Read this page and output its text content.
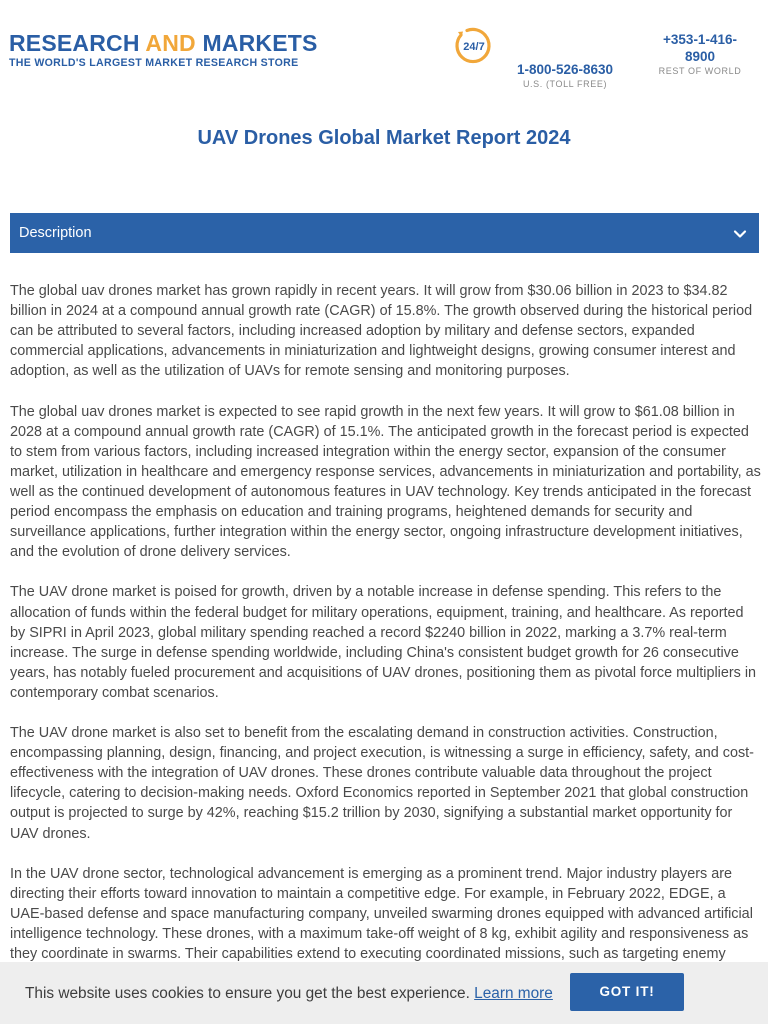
RESEARCH AND MARKETS
THE WORLD'S LARGEST MARKET RESEARCH STORE
24/7
1-800-526-8630
U.S. (TOLL FREE)
+353-1-416-
8900
REST OF WORLD
UAV Drones Global Market Report 2024
Description

The global uav drones market has grown rapidly in recent years. It will grow from $30.06 billion in 2023 to $34.82 billion in 2024 at a compound annual growth rate (CAGR) of 15.8%. The growth observed during the historical period can be attributed to several factors, including increased adoption by military and defense sectors, expanded commercial applications, advancements in miniaturization and lightweight designs, growing consumer interest and adoption, as well as the utilization of UAVs for remote sensing and monitoring purposes.

The global uav drones market is expected to see rapid growth in the next few years. It will grow to $61.08 billion in 2028 at a compound annual growth rate (CAGR) of 15.1%. The anticipated growth in the forecast period is expected to stem from various factors, including increased integration within the energy sector, expansion of the consumer market, utilization in healthcare and emergency response services, advancements in miniaturization and portability, as well as the continued development of autonomous features in UAV technology. Key trends anticipated in the forecast period encompass the emphasis on education and training programs, heightened demands for security and surveillance applications, further integration within the energy sector, ongoing infrastructure development initiatives, and the evolution of drone delivery services.

The UAV drone market is poised for growth, driven by a notable increase in defense spending. This refers to the allocation of funds within the federal budget for military operations, equipment, training, and healthcare. As reported by SIPRI in April 2023, global military spending reached a record $2240 billion in 2022, marking a 3.7% real-term increase. The surge in defense spending worldwide, including China's consistent budget growth for 26 consecutive years, has notably fueled procurement and acquisitions of UAV drones, positioning them as pivotal force multipliers in contemporary combat scenarios.

The UAV drone market is also set to benefit from the escalating demand in construction activities. Construction, encompassing planning, design, financing, and project execution, is witnessing a surge in efficiency, safety, and cost-effectiveness with the integration of UAV drones. These drones contribute valuable data throughout the project lifecycle, catering to decision-making needs. Oxford Economics reported in September 2021 that global construction output is projected to surge by 42%, reaching $15.2 trillion by 2030, signifying a substantial market opportunity for UAV drones.

In the UAV drone sector, technological advancement is emerging as a prominent trend. Major industry players are directing their efforts toward innovation to maintain a competitive edge. For example, in February 2022, EDGE, a UAE-based defense and space manufacturing company, unveiled swarming drones equipped with advanced artificial intelligence technology. These drones, with a maximum take-off weight of 8 kg, exhibit agility and responsiveness as they coordinate in swarms. Their capabilities extend to executing coordinated missions, such as targeting enemy

This website uses cookies to ensure you get the best experience. Learn more	GOT IT!
